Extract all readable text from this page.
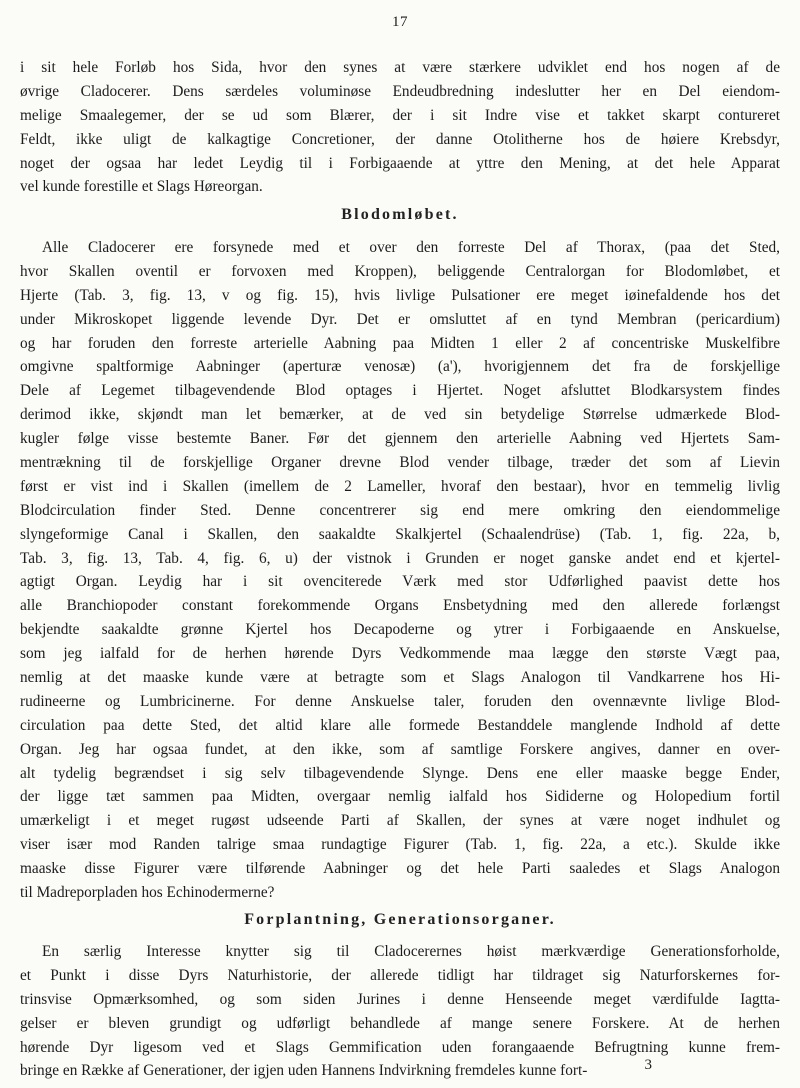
17
i sit hele Forløb hos Sida, hvor den synes at være stærkere udviklet end hos nogen af de
øvrige Cladocerer. Dens særdeles voluminøse Endeudbredning indeslutter her en Del eiendom-
melige Smaalegemer, der se ud som Blærer, der i sit Indre vise et takket skarpt contureret
Feldt, ikke uligt de kalkagtige Concretioner, der danne Otolitherne hos de høiere Krebsdyr,
noget der ogsaa har ledet Leydig til i Forbigaaende at yttre den Mening, at det hele Apparat
vel kunde forestille et Slags Høreorgan.
Blodomløbet.
Alle Cladocerer ere forsynede med et over den forreste Del af Thorax, (paa det Sted,
hvor Skallen oventil er forvoxen med Kroppen), beliggende Centralorgan for Blodomløbet, et
Hjerte (Tab. 3, fig. 13, v og fig. 15), hvis livlige Pulsationer ere meget iøinefaldende hos det
under Mikroskopet liggende levende Dyr. Det er omsluttet af en tynd Membran (pericardium)
og har foruden den forreste arterielle Aabning paa Midten 1 eller 2 af concentriske Muskelfibre
omgivne spaltformige Aabninger (aperturæ venosæ) (a'), hvorigjennem det fra de forskjellige
Dele af Legemet tilbagevendende Blod optages i Hjertet. Noget afsluttet Blodkarsystem findes
derimod ikke, skjøndt man let bemærker, at de ved sin betydelige Størrelse udmærkede Blod-
kugler følge visse bestemte Baner. Før det gjennem den arterielle Aabning ved Hjertets Sam-
mentrækning til de forskjellige Organer drevne Blod vender tilbage, træder det som af Lievin
først er vist ind i Skallen (imellem de 2 Lameller, hvoraf den bestaar), hvor en temmelig livlig
Blodcirculation finder Sted. Denne concentrerer sig end mere omkring den eiendommelige
slyngeformige Canal i Skallen, den saakaldte Skalkjertel (Schaalendrüse) (Tab. 1, fig. 22a, b,
Tab. 3, fig. 13, Tab. 4, fig. 6, u) der vistnok i Grunden er noget ganske andet end et kjertel-
agtigt Organ. Leydig har i sit ovenciterede Værk med stor Udførlighed paavist dette hos
alle Branchiopoder constant forekommende Organs Ensbetydning med den allerede forlængst
bekjendte saakaldte grønne Kjertel hos Decapoderne og ytrer i Forbigaaende en Anskuelse,
som jeg ialfald for de herhen hørende Dyrs Vedkommende maa lægge den største Vægt paa,
nemlig at det maaske kunde være at betragte som et Slags Analogon til Vandkarrene hos Hi-
rudineerne og Lumbricinerne. For denne Anskuelse taler, foruden den ovennævnte livlige Blod-
circulation paa dette Sted, det altid klare alle formede Bestanddele manglende Indhold af dette
Organ. Jeg har ogsaa fundet, at den ikke, som af samtlige Forskere angives, danner en over-
alt tydelig begrændset i sig selv tilbagevendende Slynge. Dens ene eller maaske begge Ender,
der ligge tæt sammen paa Midten, overgaar nemlig ialfald hos Sididerne og Holopedium fortil
umærkeligt i et meget rugøst udseende Parti af Skallen, der synes at være noget indhulet og
viser især mod Randen talrige smaa rundagtige Figurer (Tab. 1, fig. 22a, a etc.). Skulde ikke
maaske disse Figurer være tilførende Aabninger og det hele Parti saaledes et Slags Analogon
til Madreporpladen hos Echinodermerne?
Forplantning, Generationsorganer.
En særlig Interesse knytter sig til Cladocerernes høist mærkværdige Generationsforholde,
et Punkt i disse Dyrs Naturhistorie, der allerede tidligt har tildraget sig Naturforskernes for-
trinsvise Opmærksomhed, og som siden Jurines i denne Henseende meget værdifulde Iagtta-
gelser er bleven grundigt og udførligt behandlede af mange senere Forskere. At de herhen
hørende Dyr ligesom ved et Slags Gemmification uden forangaaende Befrugtning kunne frem-
bringe en Række af Generationer, der igjen uden Hannens Indvirkning fremdeles kunne fort-	3
